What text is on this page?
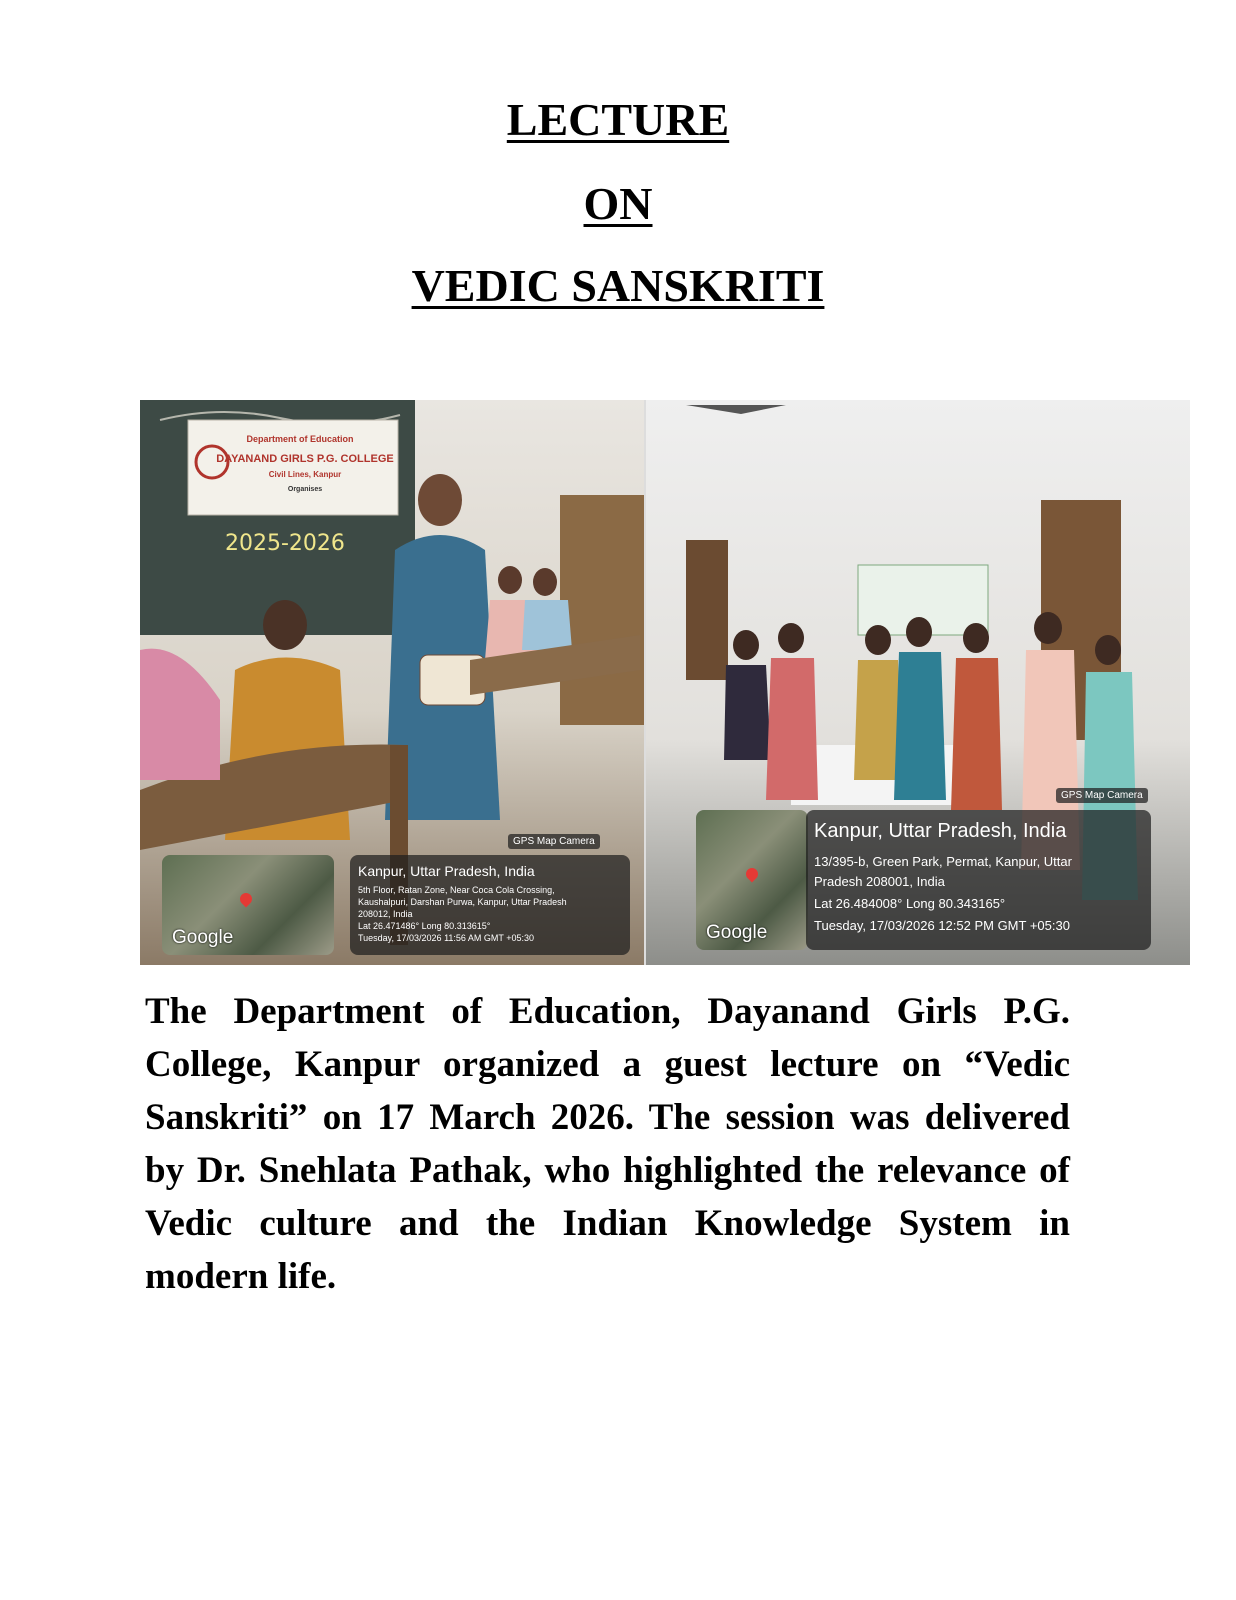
LECTURE
ON
VEDIC SANSKRITI
Department of Education
DAYANAND GIRLS P.G. COLLEGE
Civil Lines, Kanpur
Organises
2025-2026
Google
GPS Map Camera
Kanpur, Uttar Pradesh, India
5th Floor, Ratan Zone, Near Coca Cola Crossing,
Kaushalpuri, Darshan Purwa, Kanpur, Uttar Pradesh
208012, India
Lat 26.471486° Long 80.313615°
Tuesday, 17/03/2026 11:56 AM GMT +05:30	Google
GPS Map Camera
Kanpur, Uttar Pradesh, India
13/395-b, Green Park, Permat, Kanpur, Uttar
Pradesh 208001, India
Lat 26.484008° Long 80.343165°
Tuesday, 17/03/2026 12:52 PM GMT +05:30

The Department of Education, Dayanand Girls P.G. College, Kanpur organized a guest lecture on “Vedic Sanskriti” on 17 March 2026. The session was delivered by Dr. Snehlata Pathak, who highlighted the relevance of Vedic culture and the Indian Knowledge System in modern life.
